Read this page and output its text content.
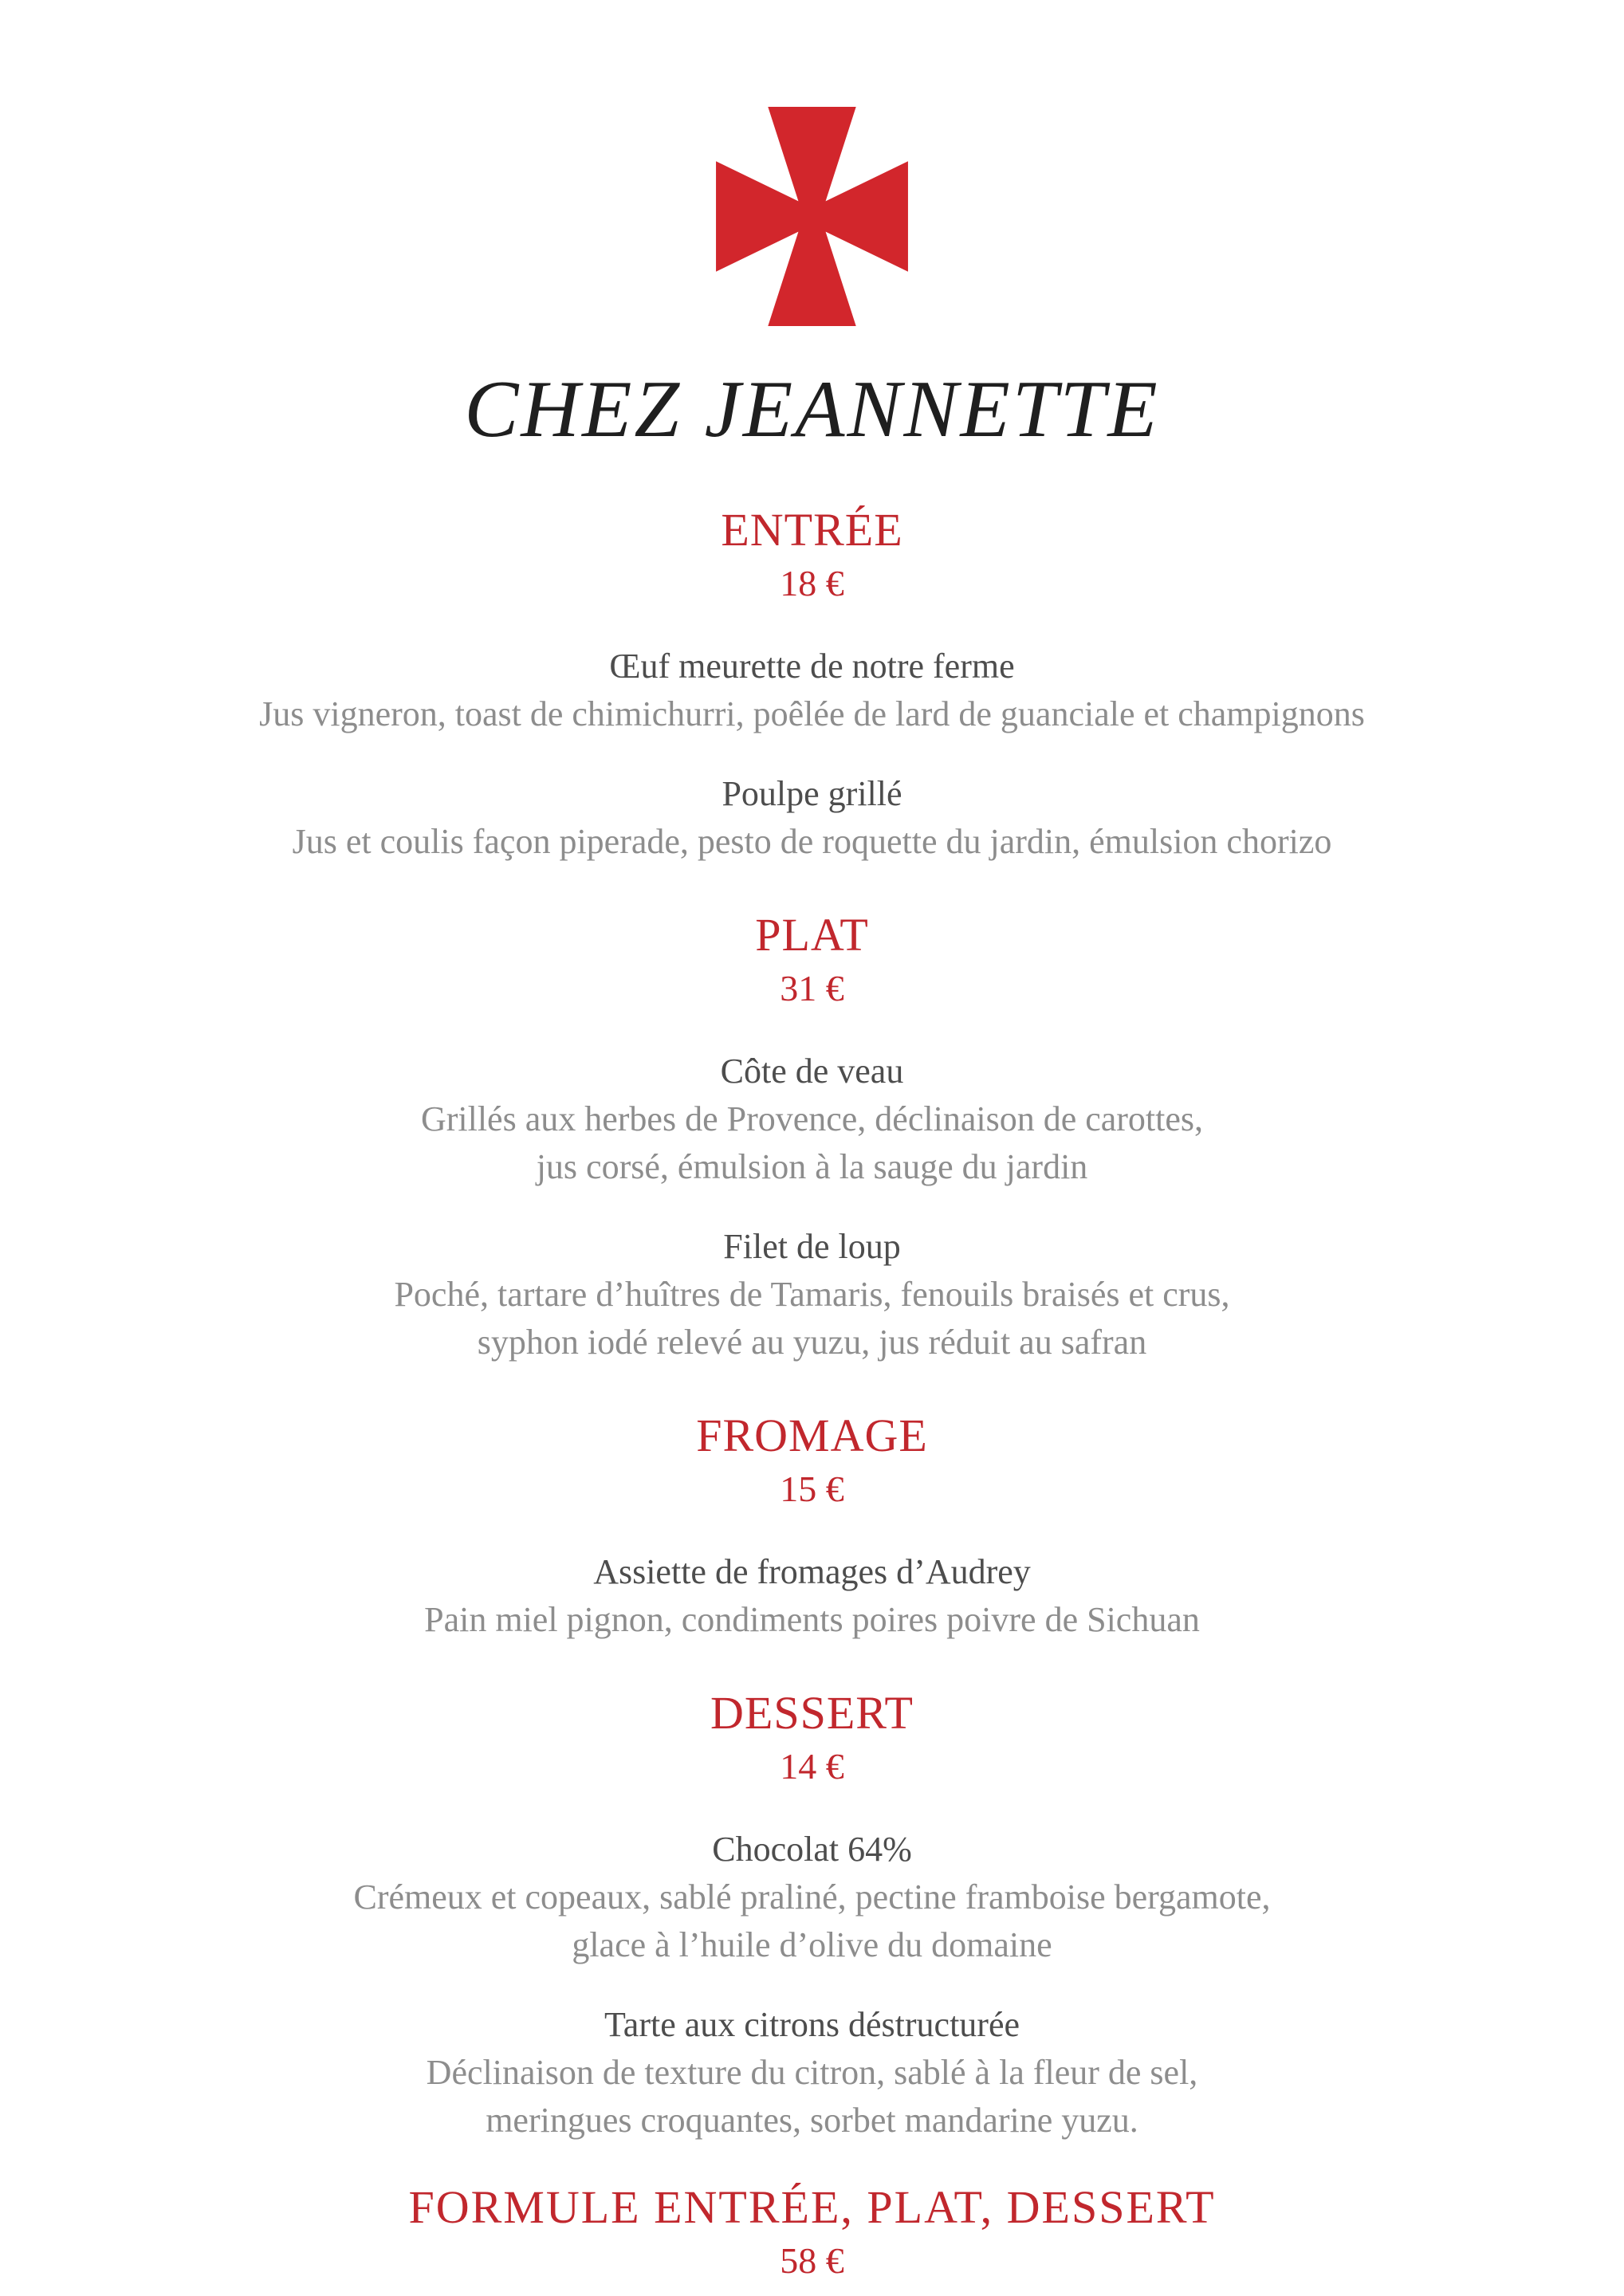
CHEZ JEANNETTE
ENTRÉE
18 €
Œuf meurette de notre ferme
Jus vigneron, toast de chimichurri, poêlée de lard de guanciale et champignons
Poulpe grillé
Jus et coulis façon piperade, pesto de roquette du jardin, émulsion chorizo
PLAT
31 €
Côte de veau
Grillés aux herbes de Provence, déclinaison de carottes,
jus corsé, émulsion à la sauge du jardin
Filet de loup
Poché, tartare d’huîtres de Tamaris, fenouils braisés et crus,
syphon iodé relevé au yuzu, jus réduit au safran
FROMAGE
15 €
Assiette de fromages d’Audrey
Pain miel pignon, condiments poires poivre de Sichuan
DESSERT
14 €
Chocolat 64%
Crémeux et copeaux, sablé praliné, pectine framboise bergamote,
glace à l’huile d’olive du domaine
Tarte aux citrons déstructurée
Déclinaison de texture du citron, sablé à la fleur de sel,
meringues croquantes, sorbet mandarine yuzu.
FORMULE ENTRÉE, PLAT, DESSERT
58 €
